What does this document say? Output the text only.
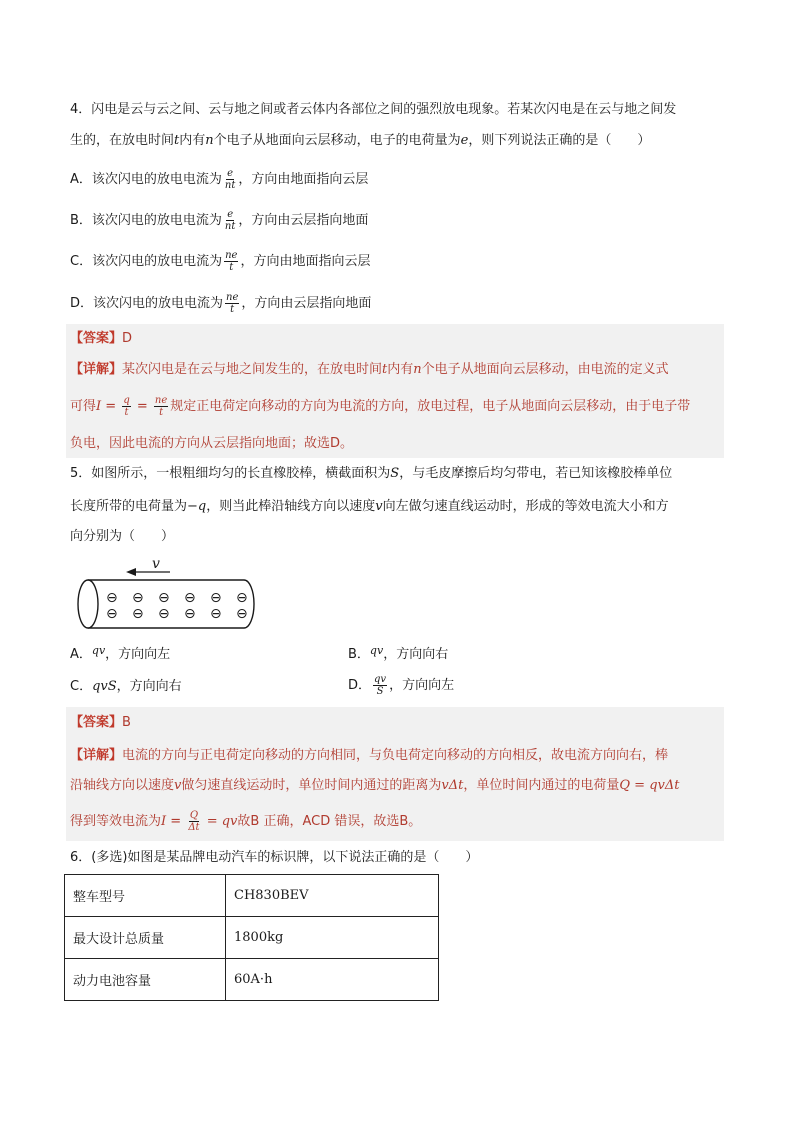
4．闪电是云与云之间、云与地之间或者云体内各部位之间的强烈放电现象。若某次闪电是在云与地之间发
生的，在放电时间t内有n个电子从地面向云层移动，电子的电荷量为e，则下列说法正确的是（　　）
A．该次闪电的放电电流为 $\frac{e}{nt}$ ，方向由地面指向云层
B．该次闪电的放电电流为 $\frac{e}{nt}$ ，方向由云层指向地面
C．该次闪电的放电电流为 $\frac{ne}{t}$ ，方向由地面指向云层
D．该次闪电的放电电流为 $\frac{ne}{t}$ ，方向由云层指向地面
【答案】D
【详解】某次闪电是在云与地之间发生的，在放电时间t内有n个电子从地面向云层移动，由电流的定义式
可得$I = \frac{q}{t} = \frac{ne}{t}$ 规定正电荷定向移动的方向为电流的方向，放电过程，电子从地面向云层移动，由于电子带
负电，因此电流的方向从云层指向地面；故选D。
5．如图所示，一根粗细均匀的长直橡胶棒，横截面积为S，与毛皮摩擦后均匀带电，若已知该橡胶棒单位
长度所带的电荷量为−q，则当此棒沿轴线方向以速度v向左做匀速直线运动时，形成的等效电流大小和方
向分别为（　　）
v
⊖ ⊖ ⊖ ⊖ ⊖ ⊖
⊖ ⊖ ⊖ ⊖ ⊖ ⊖
A．$^{qv}$，方向向左	B．$^{qv}$，方向向右
C．qvS，方向向右	D． $\frac{qv}{S}$ ，方向向左
【答案】B
【详解】电流的方向与正电荷定向移动的方向相同，与负电荷定向移动的方向相反，故电流方向向右，棒
沿轴线方向以速度v做匀速直线运动时，单位时间内通过的距离为vΔt，单位时间内通过的电荷量Q = qvΔt
得到等效电流为$I = \frac{Q}{\Delta t}$ = qv故B 正确，ACD 错误，故选B。
6．(多选)如图是某品牌电动汽车的标识牌，以下说法正确的是（　　）
整车型号	CH830BEV
最大设计总质量	1800kg
动力电池容量	60A·h
